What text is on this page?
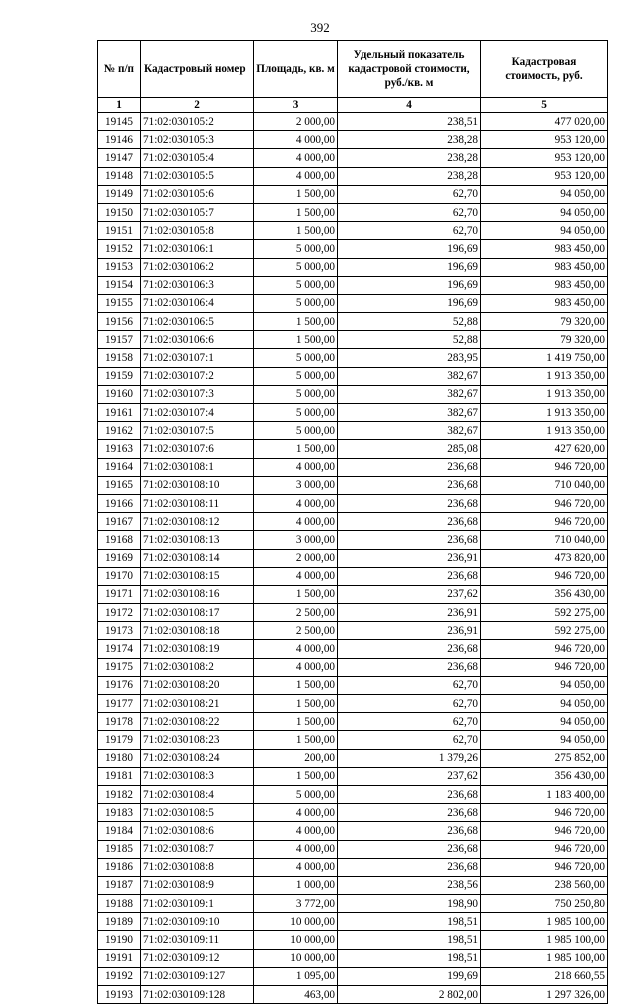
392
№ п/п	Кадастровый номер	Площадь, кв. м	Удельный показатель кадастровой стоимости, руб./кв. м	Кадастровая стоимость, руб.
1	2	3	4	5
19145	71:02:030105:2	2 000,00	238,51	477 020,00
19146	71:02:030105:3	4 000,00	238,28	953 120,00
19147	71:02:030105:4	4 000,00	238,28	953 120,00
19148	71:02:030105:5	4 000,00	238,28	953 120,00
19149	71:02:030105:6	1 500,00	62,70	94 050,00
19150	71:02:030105:7	1 500,00	62,70	94 050,00
19151	71:02:030105:8	1 500,00	62,70	94 050,00
19152	71:02:030106:1	5 000,00	196,69	983 450,00
19153	71:02:030106:2	5 000,00	196,69	983 450,00
19154	71:02:030106:3	5 000,00	196,69	983 450,00
19155	71:02:030106:4	5 000,00	196,69	983 450,00
19156	71:02:030106:5	1 500,00	52,88	79 320,00
19157	71:02:030106:6	1 500,00	52,88	79 320,00
19158	71:02:030107:1	5 000,00	283,95	1 419 750,00
19159	71:02:030107:2	5 000,00	382,67	1 913 350,00
19160	71:02:030107:3	5 000,00	382,67	1 913 350,00
19161	71:02:030107:4	5 000,00	382,67	1 913 350,00
19162	71:02:030107:5	5 000,00	382,67	1 913 350,00
19163	71:02:030107:6	1 500,00	285,08	427 620,00
19164	71:02:030108:1	4 000,00	236,68	946 720,00
19165	71:02:030108:10	3 000,00	236,68	710 040,00
19166	71:02:030108:11	4 000,00	236,68	946 720,00
19167	71:02:030108:12	4 000,00	236,68	946 720,00
19168	71:02:030108:13	3 000,00	236,68	710 040,00
19169	71:02:030108:14	2 000,00	236,91	473 820,00
19170	71:02:030108:15	4 000,00	236,68	946 720,00
19171	71:02:030108:16	1 500,00	237,62	356 430,00
19172	71:02:030108:17	2 500,00	236,91	592 275,00
19173	71:02:030108:18	2 500,00	236,91	592 275,00
19174	71:02:030108:19	4 000,00	236,68	946 720,00
19175	71:02:030108:2	4 000,00	236,68	946 720,00
19176	71:02:030108:20	1 500,00	62,70	94 050,00
19177	71:02:030108:21	1 500,00	62,70	94 050,00
19178	71:02:030108:22	1 500,00	62,70	94 050,00
19179	71:02:030108:23	1 500,00	62,70	94 050,00
19180	71:02:030108:24	200,00	1 379,26	275 852,00
19181	71:02:030108:3	1 500,00	237,62	356 430,00
19182	71:02:030108:4	5 000,00	236,68	1 183 400,00
19183	71:02:030108:5	4 000,00	236,68	946 720,00
19184	71:02:030108:6	4 000,00	236,68	946 720,00
19185	71:02:030108:7	4 000,00	236,68	946 720,00
19186	71:02:030108:8	4 000,00	236,68	946 720,00
19187	71:02:030108:9	1 000,00	238,56	238 560,00
19188	71:02:030109:1	3 772,00	198,90	750 250,80
19189	71:02:030109:10	10 000,00	198,51	1 985 100,00
19190	71:02:030109:11	10 000,00	198,51	1 985 100,00
19191	71:02:030109:12	10 000,00	198,51	1 985 100,00
19192	71:02:030109:127	1 095,00	199,69	218 660,55
19193	71:02:030109:128	463,00	2 802,00	1 297 326,00
